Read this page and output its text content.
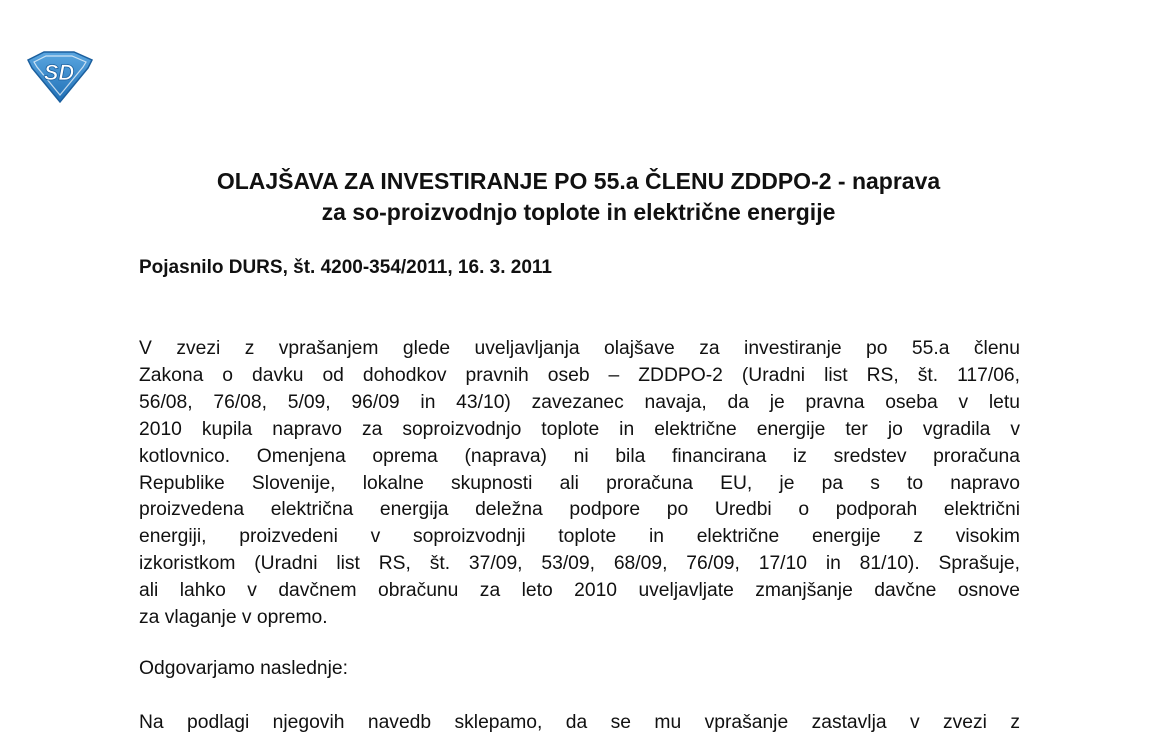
SD
OLAJŠAVA ZA INVESTIRANJE PO 55.a ČLENU ZDDPO-2 - naprava
za so-proizvodnjo toplote in električne energije

Pojasnilo DURS, št. 4200-354/2011, 16. 3. 2011

V zvezi z vprašanjem glede uveljavljanja olajšave za investiranje po 55.a členu
Zakona o davku od dohodkov pravnih oseb – ZDDPO-2 (Uradni list RS, št. 117/06,
56/08, 76/08, 5/09, 96/09 in 43/10) zavezanec navaja, da je pravna oseba v letu
2010 kupila napravo za soproizvodnjo toplote in električne energije ter jo vgradila v
kotlovnico. Omenjena oprema (naprava) ni bila financirana iz sredstev proračuna
Republike Slovenije, lokalne skupnosti ali proračuna EU, je pa s to napravo
proizvedena električna energija deležna podpore po Uredbi o podporah električni
energiji, proizvedeni v soproizvodnji toplote in električne energije z visokim
izkoristkom (Uradni list RS, št. 37/09, 53/09, 68/09, 76/09, 17/10 in 81/10). Sprašuje,
ali lahko v davčnem obračunu za leto 2010 uveljavljate zmanjšanje davčne osnove
za vlaganje v opremo.

Odgovarjamo naslednje:

Na podlagi njegovih navedb sklepamo, da se mu vprašanje zastavlja v zvezi z
